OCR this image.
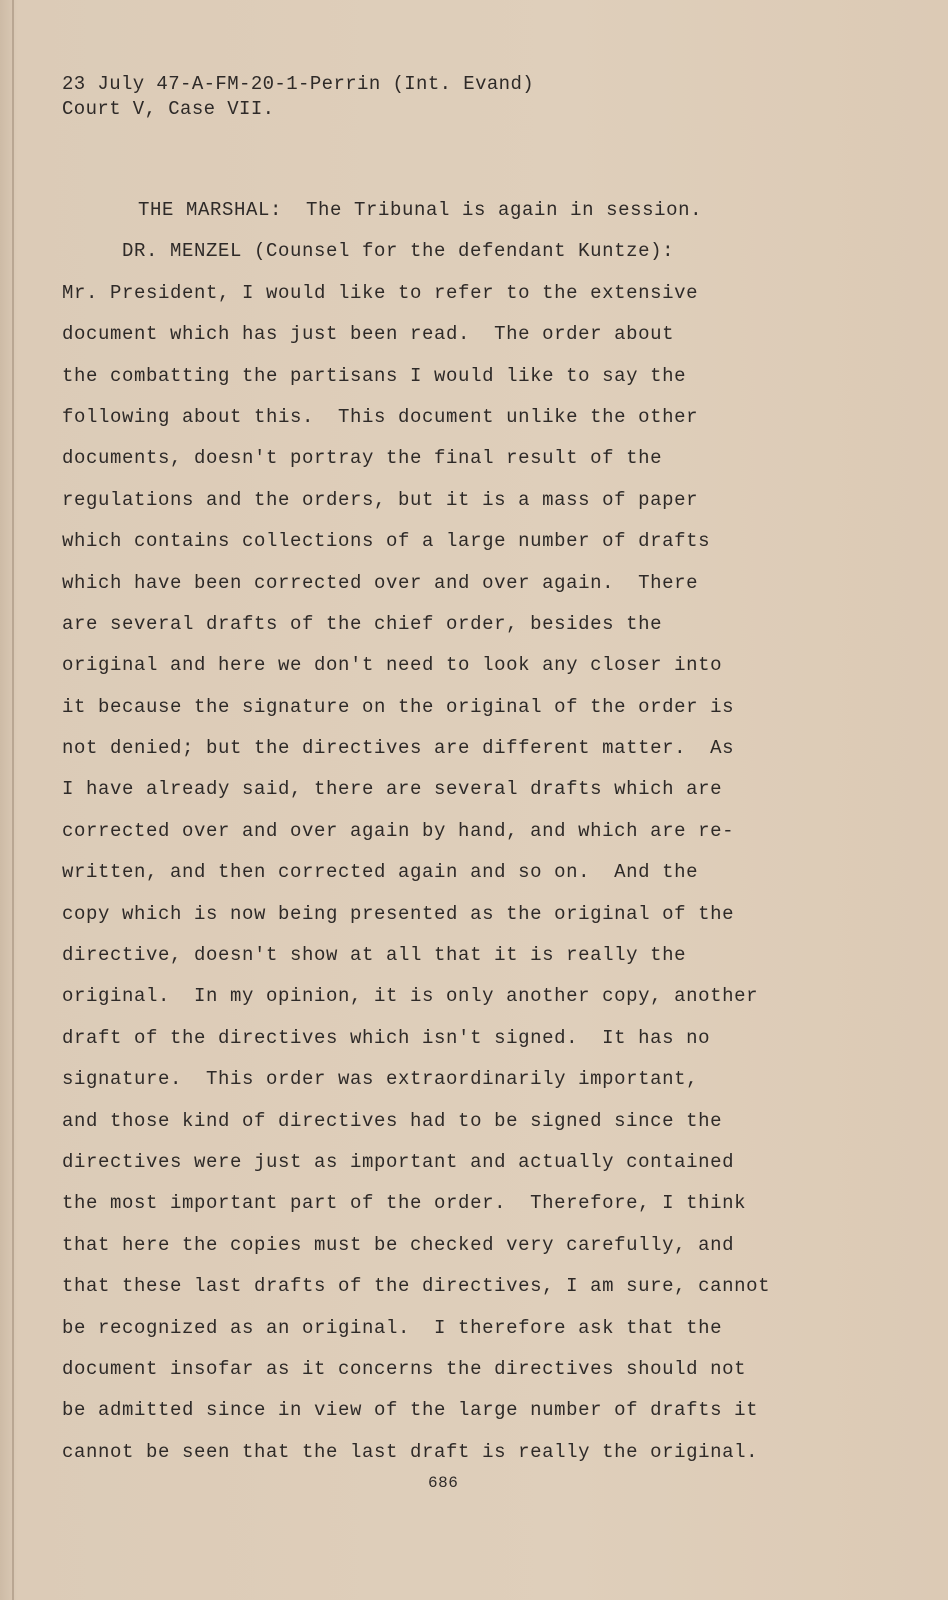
23 July 47-A-FM-20-1-Perrin (Int. Evand)
Court V, Case VII.
THE MARSHAL:  The Tribunal is again in session.
DR. MENZEL (Counsel for the defendant Kuntze):
Mr. President, I would like to refer to the extensive
document which has just been read.  The order about
the combatting the partisans I would like to say the
following about this.  This document unlike the other
documents, doesn't portray the final result of the
regulations and the orders, but it is a mass of paper
which contains collections of a large number of drafts
which have been corrected over and over again.  There
are several drafts of the chief order, besides the
original and here we don't need to look any closer into
it because the signature on the original of the order is
not denied; but the directives are different matter.  As
I have already said, there are several drafts which are
corrected over and over again by hand, and which are re-
written, and then corrected again and so on.  And the
copy which is now being presented as the original of the
directive, doesn't show at all that it is really the
original.  In my opinion, it is only another copy, another
draft of the directives which isn't signed.  It has no
signature.  This order was extraordinarily important,
and those kind of directives had to be signed since the
directives were just as important and actually contained
the most important part of the order.  Therefore, I think
that here the copies must be checked very carefully, and
that these last drafts of the directives, I am sure, cannot
be recognized as an original.  I therefore ask that the
document insofar as it concerns the directives should not
be admitted since in view of the large number of drafts it
cannot be seen that the last draft is really the original.
686
